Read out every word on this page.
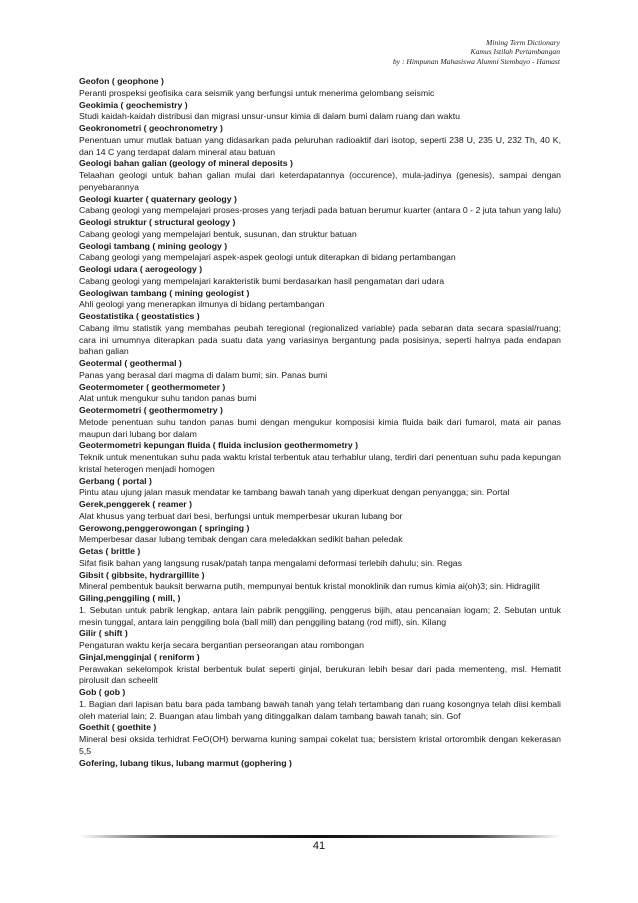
Mining Term Dictionary
Kamus Istilah Pertambangan
by : Himpunan Mahasiswa Alumni Stembayo - Hamast

Geofon ( geophone )

Peranti prospeksi geofisika cara seismik yang berfungsi untuk menerima gelombang seismic

Geokimia ( geochemistry )

Studi kaidah-kaidah distribusi dan migrasi unsur-unsur kimia di dalam bumi dalam ruang dan waktu

Geokronometri ( geochronometry )

Penentuan umur mutlak batuan yang didasarkan pada peluruhan radioaktif dari isotop, seperti 238 U, 235 U, 232 Th, 40 K, dan 14 C yang terdapat dalam mineral atau batuan

Geologi bahan galian (geology of mineral deposits )

Telaahan geologi untuk bahan galian mulai dari keterdapatannya (occurence), mula-jadinya (genesis), sampai dengan penyebarannya

Geologi kuarter ( quaternary geology )

Cabang geologi yang mempelajari proses-proses yang terjadi pada batuan berumur kuarter (antara 0 - 2 juta tahun yang lalu)

Geologi struktur ( structural geology )

Cabang geologi yang mempelajari bentuk, susunan, dan struktur batuan

Geologi tambang ( mining geology )

Cabang geologi yang mempelajari aspek-aspek geologi untuk diterapkan di bidang pertambangan

Geologi udara ( aerogeology )

Cabang geologi yang mempelajari karakteristik bumi berdasarkan hasil pengamatan dari udara

Geologiwan tambang ( mining geologist )

Ahli geologi yang menerapkan ilmunya di bidang pertambangan

Geostatistika ( geostatistics )

Cabang ilmu statistik yang membahas peubah teregional (regionalized variable) pada sebaran data secara spasial/ruang; cara ini umumnya diterapkan pada suatu data yang variasinya bergantung pada posisinya, seperti halnya pada endapan bahan galian

Geotermal ( geothermal )

Panas yang berasal dari magma di dalam bumi; sin. Panas bumi

Geotermometer ( geothermometer )

Alat untuk mengukur suhu tandon panas bumi

Geotermometri ( geothermometry )

Metode penentuan suhu tandon panas bumi dengan mengukur komposisi kimia fluida baik dari fumarol, mata air panas maupun dari lubang bor dalam

Geotermometri kepungan fluida ( fluida inclusion geothermometry )

Teknik untuk menentukan suhu pada waktu kristal terbentuk atau terhablur ulang, terdiri dari penentuan suhu pada kepungan kristal heterogen menjadi homogen

Gerbang ( portal )

Pintu atau ujung jalan masuk mendatar ke tambang bawah tanah yang diperkuat dengan penyangga; sin. Portal

Gerek,penggerek ( reamer )

Alat khusus yang terbuat dari besi, berfungsi untuk memperbesar ukuran lubang bor

Gerowong,penggerowongan ( springing )

Memperbesar dasar lubang tembak dengan cara meledakkan sedikit bahan peledak

Getas ( brittle )

Sifat fisik bahan yang langsung rusak/patah tanpa mengalami deformasi terlebih dahulu; sin. Regas

Gibsit ( gibbsite, hydrargillite )

Mineral pembentuk bauksit berwarna putih, mempunyai bentuk kristal monoklinik dan rumus kimia ai(oh)3; sin. Hidragilit

Giling,penggiling ( mill, )

1. Sebutan untuk pabrik lengkap, antara lain pabrik penggiling, penggerus bijih, atau pencanaian logam; 2. Sebutan untuk mesin tunggal, antara lain penggiling bola (ball mill) dan penggiling batang (rod mifl), sin. Kilang

Gilir ( shift )

Pengaturan waktu kerja secara bergantian perseorangan atau rombongan

Ginjal,mengginjal ( reniform )

Perawakan sekelompok kristal berbentuk bulat seperti ginjal, berukuran lebih besar dari pada mementeng, msl. Hematit pirolusit dan scheelit

Gob ( gob )

1. Bagian dari lapisan batu bara pada tambang bawah tanah yang telah tertambang dan ruang kosongnya telah diisi kembali oleh material lain; 2. Buangan atau limbah yang ditinggalkan dalam tambang bawah tanah; sin. Gof

Goethit ( goethite )

Mineral besi oksida terhidrat FeO(OH) berwarna kuning sampai cokelat tua; bersistem kristal ortorombik dengan kekerasan 5,5

Gofering, lubang tikus, lubang marmut (gophering )

41
